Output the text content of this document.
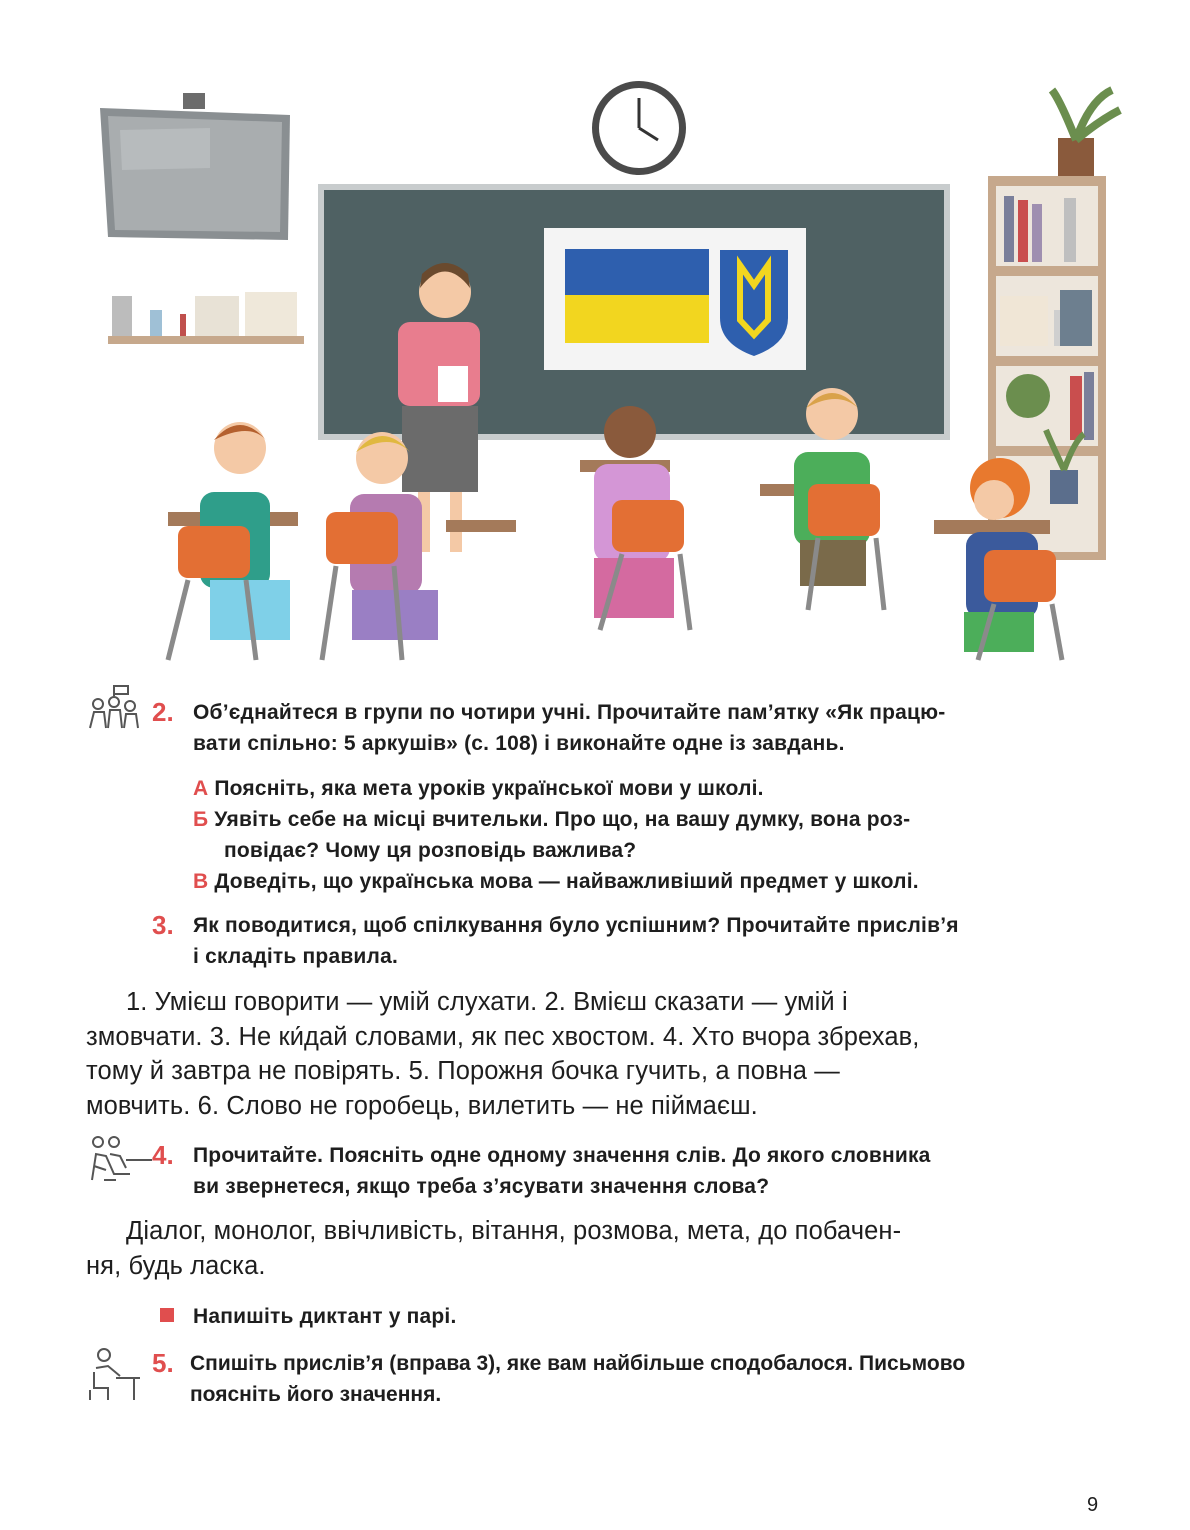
2. Об’єднайтеся в групи по чотири учні. Прочитайте пам’ятку «Як працю-
вати спільно: 5 аркушів» (с. 108) і виконайте одне із завдань.
А Поясніть, яка мета уроків української мови у школі.
Б Уявіть себе на місці вчительки. Про що, на вашу думку, вона роз-
повідає? Чому ця розповідь важлива?
В Доведіть, що українська мова — найважливіший предмет у школі.
3. Як поводитися, щоб спілкування було успішним? Прочитайте прислів’я
і складіть правила.
1. Умієш говорити — умій слухати. 2. Вмієш сказати — умій і
змовчати. 3. Не ки́дай словами, як пес хвостом. 4. Хто вчора збрехав,
тому й завтра не повірять. 5. Порожня бочка гучить, а повна —
мовчить. 6. Слово не горобець, вилетить — не піймаєш.
4. Прочитайте. Поясніть одне одному значення слів. До якого словника
ви звернетеся, якщо треба з’ясувати значення слова?
Діалог, монолог, ввічливість, вітання, розмова, мета, до побачен-
ня, будь ласка.
Напишіть диктант у парі.
5. Спишіть прислів’я (вправа 3), яке вам найбільше сподобалося. Письмово
поясніть його значення.
9
